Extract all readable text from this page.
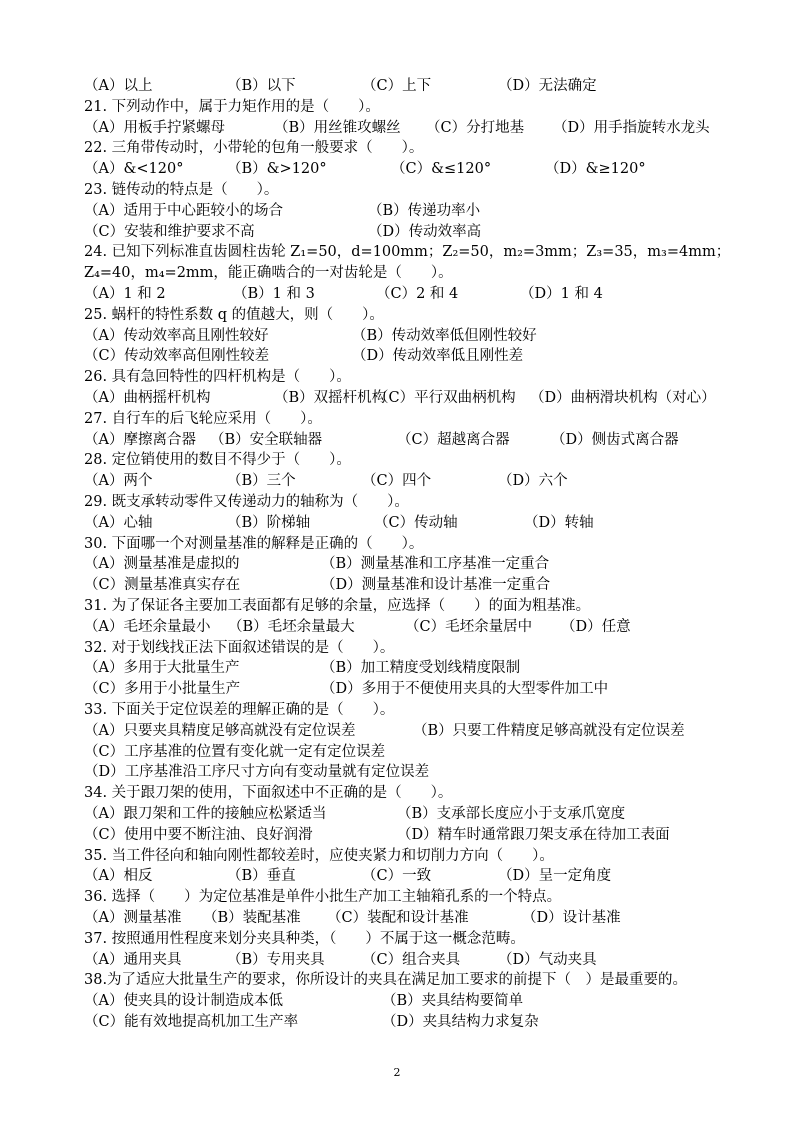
（A）以上	（B）以下	（C）上下	（D）无法确定
21. 下列动作中，属于力矩作用的是（　　）。
（A）用板手拧紧螺母	（B）用丝锥攻螺丝 （C）分打地基 （D）用手指旋转水龙头
22. 三角带传动时，小带轮的包角一般要求（　　）。
（A）&<120°	（B）&>120°	（C）&≤120°	（D）&≥120°
23. 链传动的特点是（　　）。
（A）适用于中心距较小的场合	（B）传递功率小
（C）安装和维护要求不高	（D）传动效率高
24. 已知下列标准直齿圆柱齿轮 Z₁=50，d=100mm；Z₂=50，m₂=3mm；Z₃=35，m₃=4mm；
Z₄=40，m₄=2mm，能正确啮合的一对齿轮是（　　）。
（A）1 和 2	（B）1 和 3	（C）2 和 4	（D）1 和 4
25. 蜗杆的特性系数 q 的值越大，则（　　）。
（A）传动效率高且刚性较好	（B）传动效率低但刚性较好
（C）传动效率高但刚性较差	（D）传动效率低且刚性差
26. 具有急回特性的四杆机构是（　　）。
（A）曲柄摇杆机构	（B）双摇杆机构
（C）平行双曲柄机构 （D）曲柄滑块机构（对心）
27. 自行车的后飞轮应采用（　　）。
（A）摩擦离合器 （B）安全联轴器	（C）超越离合器	（D）侧齿式离合器
28. 定位销使用的数目不得少于（　　）。
（A）两个	（B）三个	（C）四个	（D）六个
29. 既支承转动零件又传递动力的轴称为（　　）。
（A）心轴	（B）阶梯轴	（C）传动轴	（D）转轴
30. 下面哪一个对测量基准的解释是正确的（　　）。
（A）测量基准是虚拟的	（B）测量基准和工序基准一定重合
（C）测量基准真实存在	（D）测量基准和设计基准一定重合
31. 为了保证各主要加工表面都有足够的余量，应选择（　　）的面为粗基准。
（A）毛坯余量最小 （B）毛坯余量最大	（C）毛坯余量居中 （D）任意
32. 对于划线找正法下面叙述错误的是（　　）。
（A）多用于大批量生产	（B）加工精度受划线精度限制
（C）多用于小批量生产	（D）多用于不便使用夹具的大型零件加工中
33. 下面关于定位误差的理解正确的是（　　）。
（A）只要夹具精度足够高就没有定位误差	（B）只要工件精度足够高就没有定位误差
（C）工序基准的位置有变化就一定有定位误差
（D）工序基准沿工序尺寸方向有变动量就有定位误差
34. 关于跟刀架的使用，下面叙述中不正确的是（　　）。
（A）跟刀架和工件的接触应松紧适当	（B）支承部长度应小于支承爪宽度
（C）使用中要不断注油、良好润滑	（D）精车时通常跟刀架支承在待加工表面
35. 当工件径向和轴向刚性都较差时，应使夹紧力和切削力方向（　　）。
（A）相反	（B）垂直	（C）一致	（D）呈一定角度
36. 选择（　　）为定位基准是单件小批生产加工主轴箱孔系的一个特点。
（A）测量基准 （B）装配基准 （C）装配和设计基准	（D）设计基准
37. 按照通用性程度来划分夹具种类，（　　）不属于这一概念范畴。
（A）通用夹具	（B）专用夹具	（C）组合夹具	（D）气动夹具
38.为了适应大批量生产的要求，你所设计的夹具在满足加工要求的前提下（　）是最重要的。
（A）使夹具的设计制造成本低	（B）夹具结构要简单
（C）能有效地提高机加工生产率	（D）夹具结构力求复杂
2
